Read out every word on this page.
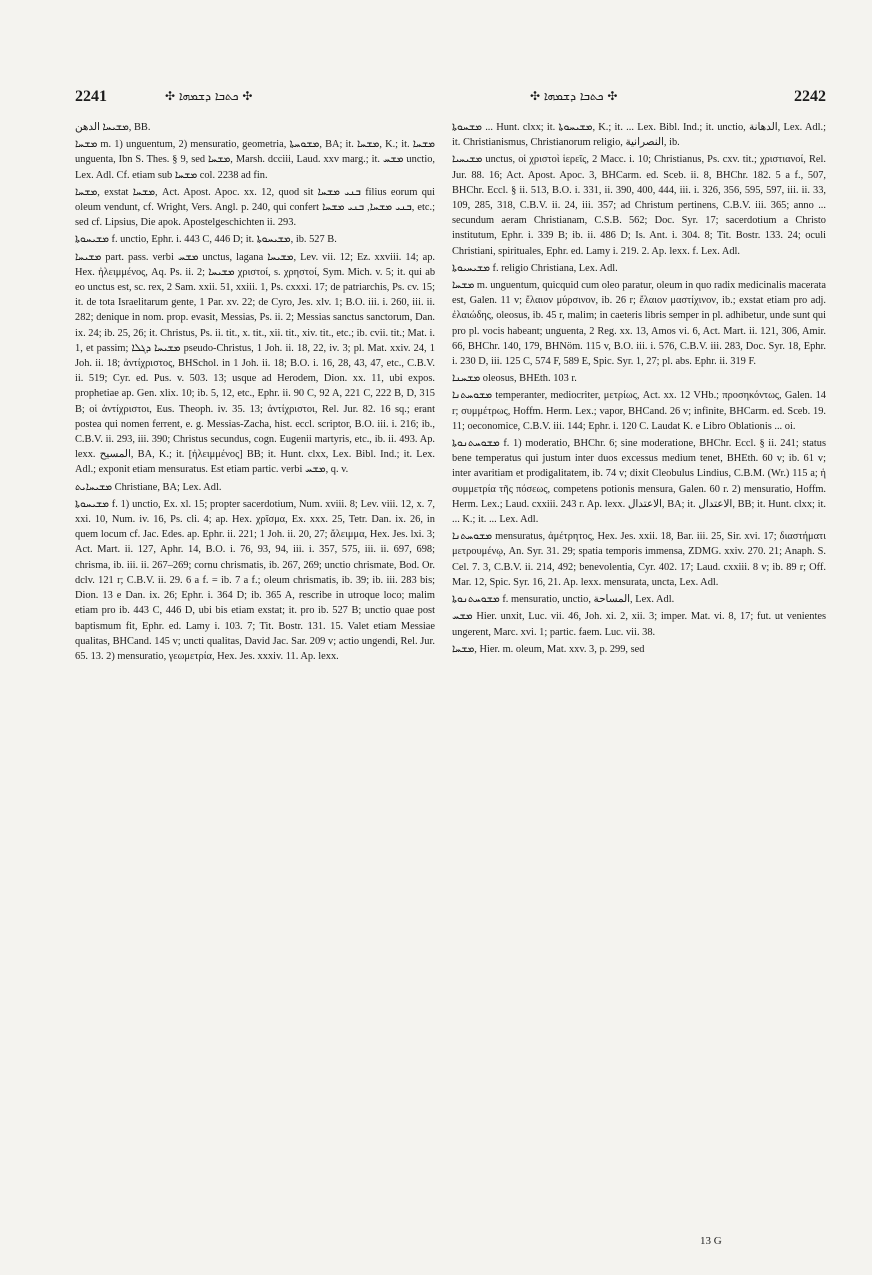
2241	✣ ܟܬܒܐ ܕܫܡܗܐ ✣	✣ ܟܬܒܐ ܕܫܡܗܐ ✣	2242

ܡܫܝܚܐ الدهن, BB.

ܡܫܚܐ m. 1) unguentum, 2) mensuratio, geometria, ܡܫܘܚܬܐ, BA; it. ܡܫܚܐ, K.; it. ܡܫܚܐ unguenta, Ibn S. Thes. § 9, sed ܡܫܚܐ, Marsh. dcciii, Laud. xxv marg.; it. ܡܫܚ unctio, Lex. Adl. Cf. etiam sub ܡܫܚܐ col. 2238 ad fin.

ܡܫܚܐ, exstat ܡܫܚܐ, Act. Apost. Apoc. xx. 12, quod sit ܒܢܝ ܡܫܚܐ filius eorum qui oleum vendunt, cf. Wright, Vers. Angl. p. 240, qui confert ܒܢܝ ܡܫܚܐ, ܒܢܝ ܡܫܚܐ, etc.; sed cf. Lipsius, Die apok. Apostelgeschichten ii. 293.

ܡܫܝܚܘܬܐ f. unctio, Ephr. i. 443 C, 446 D; it. ܡܫܝܚܘܬܐ, ib. 527 B.

ܡܫܝܚܐ part. pass. verbi ܡܫܚ unctus, lagana ܡܫܝܚܐ, Lev. vii. 12; Ez. xxviii. 14; ap. Hex. ἠλειμμένος, Aq. Ps. ii. 2; ܡܫܝܚܐ χριστοί, s. χρηστοί, Sym. Mich. v. 5; it. qui ab eo unctus est, sc. rex, 2 Sam. xxii. 51, xxiii. 1, Ps. cxxxi. 17; de patriarchis, Ps. cv. 15; it. de tota Israelitarum gente, 1 Par. xv. 22; de Cyro, Jes. xlv. 1; B.O. iii. i. 260, iii. ii. 282; denique in nom. prop. evasit, Messias, Ps. ii. 2; Messias sanctus sanctorum, Dan. ix. 24; ib. 25, 26; it. Christus, Ps. ii. tit., x. tit., xii. tit., xiv. tit., etc.; ib. cvii. tit.; Mat. i. 1, et passim; ܡܫܝܚܐ ܕܓܠܐ pseudo-Christus, 1 Joh. ii. 18, 22, iv. 3; pl. Mat. xxiv. 24, 1 Joh. ii. 18; ἀντίχριστος, BHSchol. in 1 Joh. ii. 18; B.O. i. 16, 28, 43, 47, etc., C.B.V. ii. 519; Cyr. ed. Pus. v. 503. 13; usque ad Herodem, Dion. xx. 11, ubi expos. prophetiae ap. Gen. xlix. 10; ib. 5, 12, etc., Ephr. ii. 90 C, 92 A, 221 C, 222 B, D, 315 B; οἱ ἀντίχριστοι, Eus. Theoph. iv. 35. 13; ἀντίχριστοι, Rel. Jur. 82. 16 sq.; erant postea qui nomen ferrent, e. g. Messias-Zacha, hist. eccl. scriptor, B.O. iii. i. 216; ib., C.B.V. ii. 293, iii. 390; Christus secundus, cogn. Eugenii martyris, etc., ib. ii. 493. Ap. lexx. المسيح, BA, K.; it. [ἠλειμμένος] BB; it. Hunt. clxx, Lex. Bibl. Ind.; it. Lex. Adl.; exponit etiam mensuratus. Est etiam partic. verbi ܡܫܚ, q. v.

ܡܫܝܚܐܝܬ Christiane, BA; Lex. Adl.

ܡܫܝܚܘܬܐ f. 1) unctio, Ex. xl. 15; propter sacerdotium, Num. xviii. 8; Lev. viii. 12, x. 7, xxi. 10, Num. iv. 16, Ps. cli. 4; ap. Hex. χρῖσμα, Ex. xxx. 25, Tetr. Dan. ix. 26, in quem locum cf. Jac. Edes. ap. Ephr. ii. 221; 1 Joh. ii. 20, 27; ἄλειμμα, Hex. Jes. lxi. 3; Act. Mart. ii. 127, Aphr. 14, B.O. i. 76, 93, 94, iii. i. 357, 575, iii. ii. 697, 698; chrisma, ib. iii. ii. 267–269; cornu chrismatis, ib. 267, 269; unctio chrismate, Bod. Or. dclv. 121 r; C.B.V. ii. 29. 6 a f. = ib. 7 a f.; oleum chrismatis, ib. 39; ib. iii. 283 bis; Dion. 13 e Dan. ix. 26; Ephr. i. 364 D; ib. 365 A, rescribe in utroque loco; malim etiam pro ib. 443 C, 446 D, ubi bis etiam exstat; it. pro ib. 527 B; unctio quae post baptismum fit, Ephr. ed. Lamy i. 103. 7; Tit. Bostr. 131. 15. Valet etiam Messiae qualitas, BHCand. 145 v; uncti qualitas, David Jac. Sar. 209 v; actio ungendi, Rel. Jur. 65. 13. 2) mensuratio, γεωμετρία, Hex. Jes. xxxiv. 11. Ap. lexx.

ܡܫܚܘܬܐ ... Hunt. clxx; it. ܡܫܝܚܘܬܐ, K.; it. ... Lex. Bibl. Ind.; it. unctio, الدهانة, Lex. Adl.; it. Christianismus, Christianorum religio, النصرانية, ib.

ܡܫܝܚܝܐ unctus, οἱ χριστοὶ ἱερεῖς, 2 Macc. i. 10; Christianus, Ps. cxv. tit.; χριστιανοί, Rel. Jur. 88. 16; Act. Apost. Apoc. 3, BHCarm. ed. Sceb. ii. 8, BHChr. 182. 5 a f., 507, BHChr. Eccl. § ii. 513, B.O. i. 331, ii. 390, 400, 444, iii. i. 326, 356, 595, 597, iii. ii. 33, 109, 285, 318, C.B.V. ii. 24, iii. 357; ad Christum pertinens, C.B.V. iii. 365; anno ... secundum aeram Christianam, C.S.B. 562; Doc. Syr. 17; sacerdotium a Christo institutum, Ephr. i. 339 B; ib. ii. 486 D; Is. Ant. i. 304. 8; Tit. Bostr. 133. 24; oculi Christiani, spirituales, Ephr. ed. Lamy i. 219. 2. Ap. lexx. f. Lex. Adl.

ܡܫܝܚܝܘܬܐ f. religio Christiana, Lex. Adl.

ܡܫܚܐ m. unguentum, quicquid cum oleo paratur, oleum in quo radix medicinalis macerata est, Galen. 11 v; ἔλαιον μύρσινον, ib. 26 r; ἔλαιον μαστίχινον, ib.; exstat etiam pro adj. ἐλαιώδης, oleosus, ib. 45 r, malim; in caeteris libris semper in pl. adhibetur, unde sunt qui pro pl. vocis habeant; unguenta, 2 Reg. xx. 13, Amos vi. 6, Act. Mart. ii. 121, 306, Amir. 66, BHChr. 140, 179, BHNöm. 115 v, B.O. iii. i. 576, C.B.V. iii. 283, Doc. Syr. 18, Ephr. i. 230 D, iii. 125 C, 574 F, 589 E, Spic. Syr. 1, 27; pl. abs. Ephr. ii. 319 F.

ܡܫܚܢܐ oleosus, BHEth. 103 r.

ܡܫܘܚܬܢܐ temperanter, mediocriter, μετρίως, Act. xx. 12 VHb.; προσηκόντως, Galen. 14 r; συμμέτρως, Hoffm. Herm. Lex.; vapor, BHCand. 26 v; infinite, BHCarm. ed. Sceb. 19. 11; oeconomice, C.B.V. iii. 144; Ephr. i. 120 C. Laudat K. e Libro Oblationis ... oi.

ܡܫܘܚܬܢܘܬܐ f. 1) moderatio, BHChr. 6; sine moderatione, BHChr. Eccl. § ii. 241; status bene temperatus qui justum inter duos excessus medium tenet, BHEth. 60 v; ib. 61 v; inter avaritiam et prodigalitatem, ib. 74 v; dixit Cleobulus Lindius, C.B.M. (Wr.) 115 a; ἡ συμμετρία τῆς πόσεως, competens potionis mensura, Galen. 60 r. 2) mensuratio, Hoffm. Herm. Lex.; Laud. cxxiii. 243 r. Ap. lexx. الاعتدال, BA; it. الاعتدال, BB; it. Hunt. clxx; it. ... K.; it. ... Lex. Adl.

ܡܫܘܚܬܢܐ mensuratus, ἀμέτρητος, Hex. Jes. xxii. 18, Bar. iii. 25, Sir. xvi. 17; διαστήματι μετρουμένῳ, An. Syr. 31. 29; spatia temporis immensa, ZDMG. xxiv. 270. 21; Anaph. S. Cel. 7. 3, C.B.V. ii. 214, 492; benevolentia, Cyr. 402. 17; Laud. cxxiii. 8 v; ib. 89 r; Off. Mar. 12, Spic. Syr. 16, 21. Ap. lexx. mensurata, uncta, Lex. Adl.

ܡܫܘܚܬܢܘܬܐ f. mensuratio, unctio, المساحة, Lex. Adl.

ܡܫܚ Hier. unxit, Luc. vii. 46, Joh. xi. 2, xii. 3; imper. Mat. vi. 8, 17; fut. ut venientes ungerent, Marc. xvi. 1; partic. faem. Luc. vii. 38.

ܡܫܚܐ, Hier. m. oleum, Mat. xxv. 3, p. 299, sed

13 G
